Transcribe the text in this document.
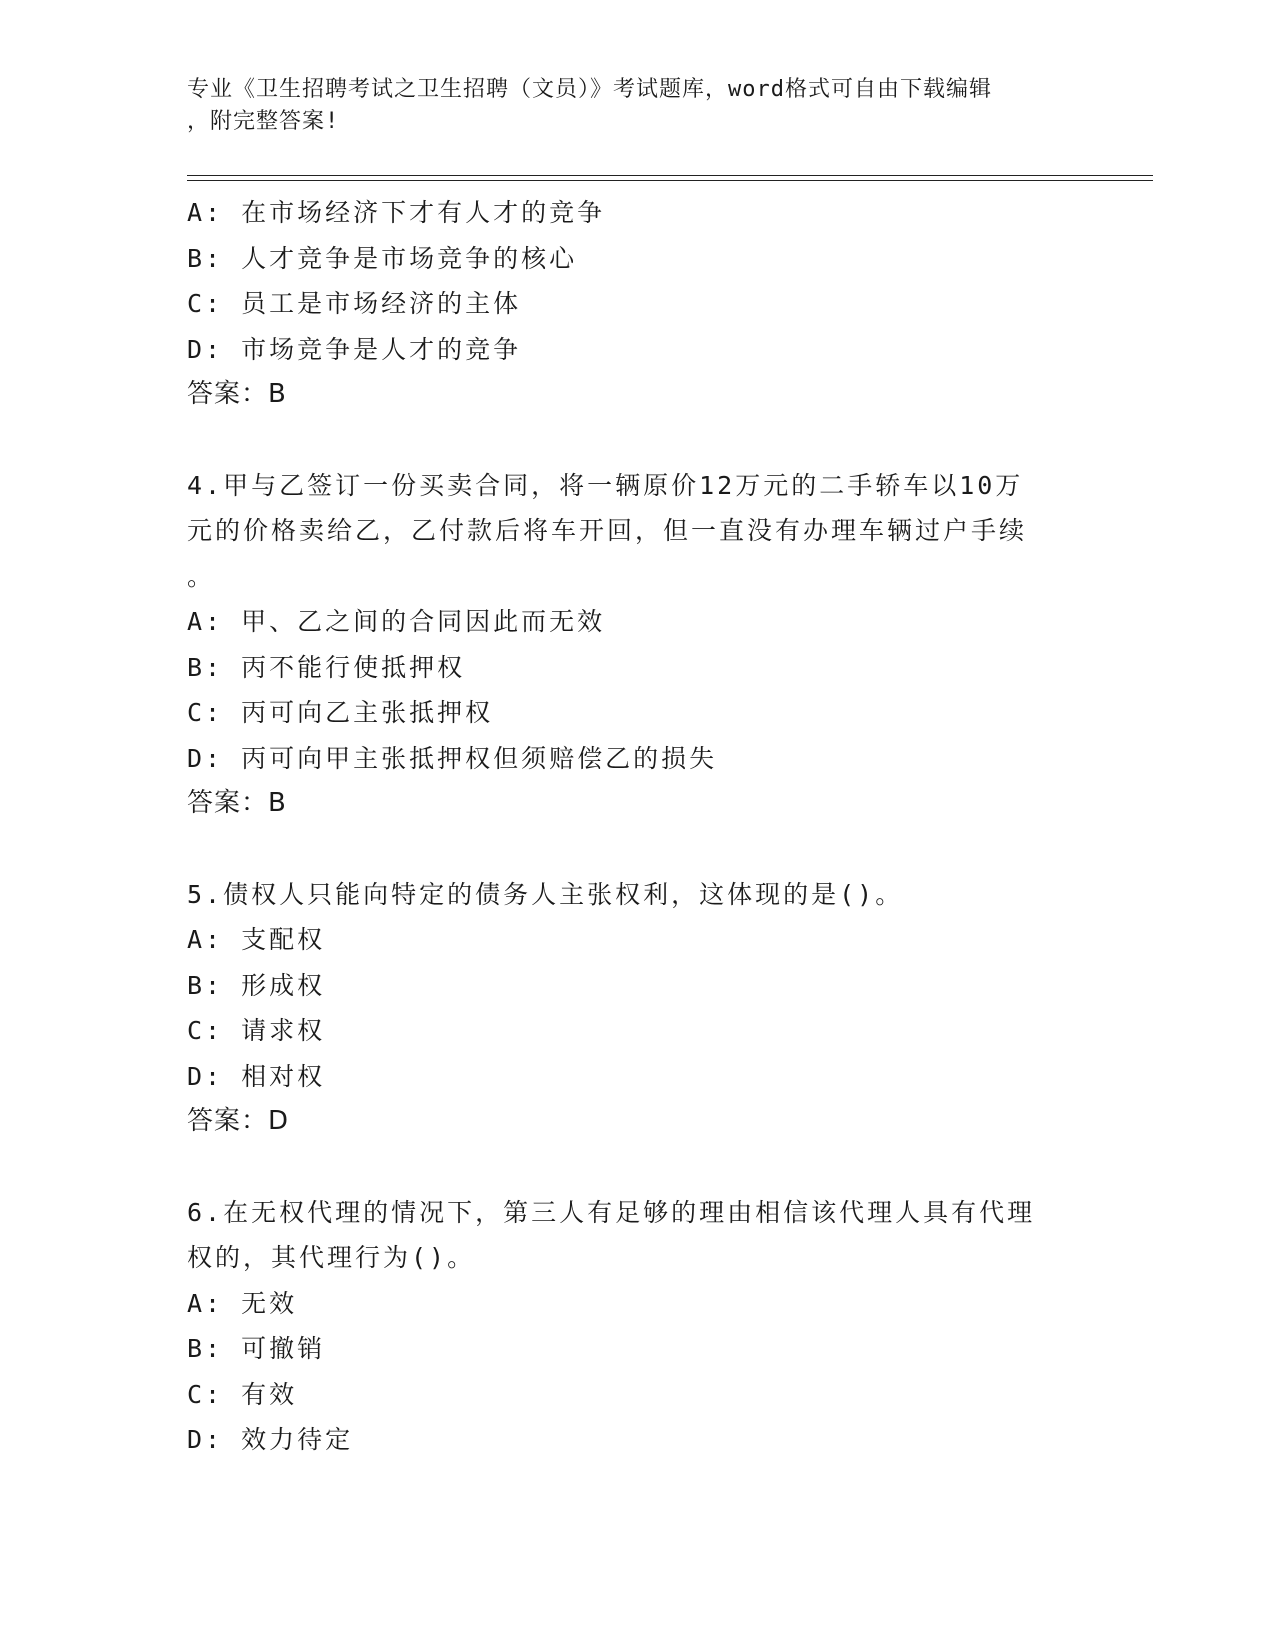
专业《卫生招聘考试之卫生招聘（文员）》考试题库，word格式可自由下载编辑
，附完整答案!
A: 在市场经济下才有人才的竞争
B: 人才竞争是市场竞争的核心
C: 员工是市场经济的主体
D: 市场竞争是人才的竞争
答案：B
4.甲与乙签订一份买卖合同，将一辆原价12万元的二手轿车以10万
元的价格卖给乙，乙付款后将车开回，但一直没有办理车辆过户手续
。
A: 甲、乙之间的合同因此而无效
B: 丙不能行使抵押权
C: 丙可向乙主张抵押权
D: 丙可向甲主张抵押权但须赔偿乙的损失
答案：B
5.债权人只能向特定的债务人主张权利，这体现的是()。
A: 支配权
B: 形成权
C: 请求权
D: 相对权
答案：D
6.在无权代理的情况下，第三人有足够的理由相信该代理人具有代理
权的，其代理行为()。
A: 无效
B: 可撤销
C: 有效
D: 效力待定
